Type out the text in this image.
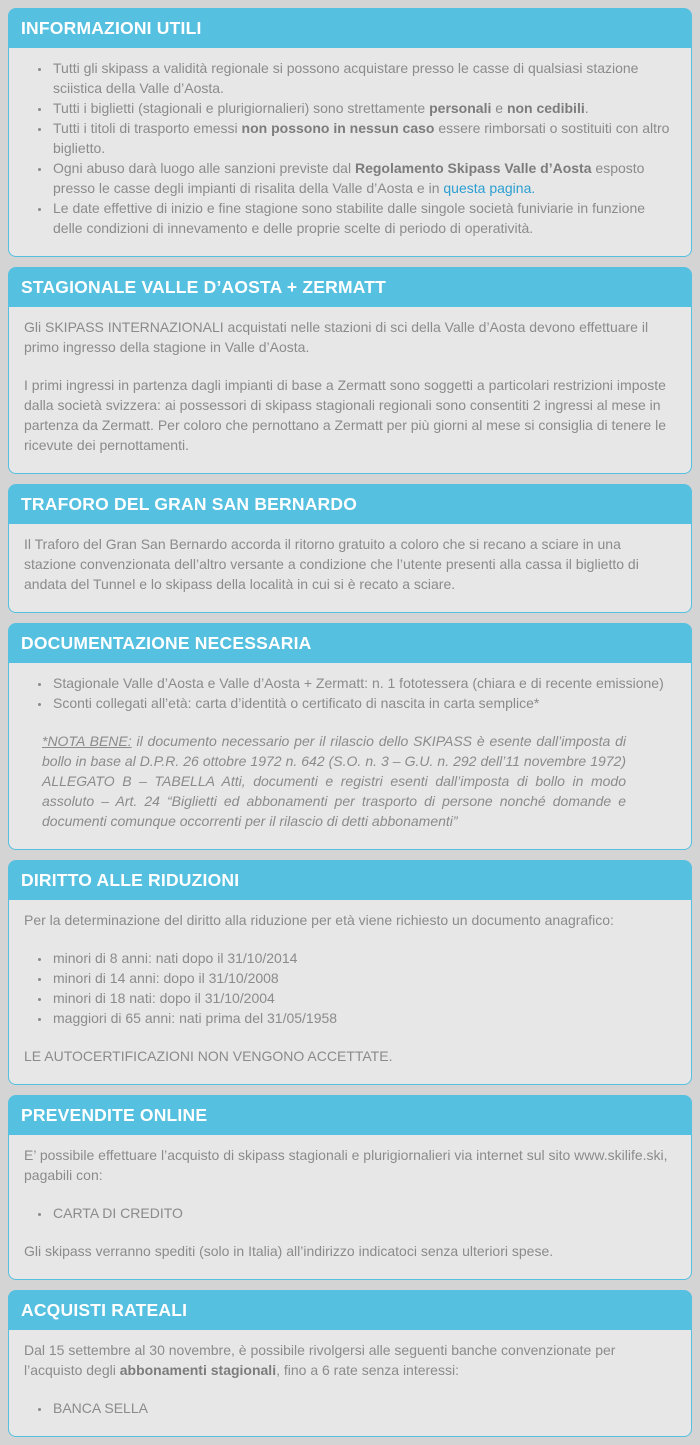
INFORMAZIONI UTILI
• Tutti gli skipass a validità regionale si possono acquistare presso le casse di qualsiasi stazione sciistica della Valle d’Aosta.
• Tutti i biglietti (stagionali e plurigiornalieri) sono strettamente personali e non cedibili.
• Tutti i titoli di trasporto emessi non possono in nessun caso essere rimborsati o sostituiti con altro biglietto.
• Ogni abuso darà luogo alle sanzioni previste dal Regolamento Skipass Valle d’Aosta esposto presso le casse degli impianti di risalita della Valle d’Aosta e in questa pagina.
• Le date effettive di inizio e fine stagione sono stabilite dalle singole società funiviarie in funzione delle condizioni di innevamento e delle proprie scelte di periodo di operatività.
STAGIONALE VALLE D’AOSTA + ZERMATT

Gli SKIPASS INTERNAZIONALI acquistati nelle stazioni di sci della Valle d’Aosta devono effettuare il primo ingresso della stagione in Valle d’Aosta.

I primi ingressi in partenza dagli impianti di base a Zermatt sono soggetti a particolari restrizioni imposte dalla società svizzera: ai possessori di skipass stagionali regionali sono consentiti 2 ingressi al mese in partenza da Zermatt. Per coloro che pernottano a Zermatt per più giorni al mese si consiglia di tenere le ricevute dei pernottamenti.

TRAFORO DEL GRAN SAN BERNARDO

Il Traforo del Gran San Bernardo accorda il ritorno gratuito a coloro che si recano a sciare in una stazione convenzionata dell’altro versante a condizione che l’utente presenti alla cassa il biglietto di andata del Tunnel e lo skipass della località in cui si è recato a sciare.

DOCUMENTAZIONE NECESSARIA
• Stagionale Valle d’Aosta e Valle d’Aosta + Zermatt: n. 1 fototessera (chiara e di recente emissione)
• Sconti collegati all’età: carta d’identità o certificato di nascita in carta semplice*

*NOTA BENE: il documento necessario per il rilascio dello SKIPASS è esente dall’imposta di bollo in base al D.P.R. 26 ottobre 1972 n. 642 (S.O. n. 3 – G.U. n. 292 dell’11 novembre 1972) ALLEGATO B – TABELLA Atti, documenti e registri esenti dall’imposta di bollo in modo assoluto – Art. 24 “Biglietti ed abbonamenti per trasporto di persone nonché domande e documenti comunque occorrenti per il rilascio di detti abbonamenti”

DIRITTO ALLE RIDUZIONI

Per la determinazione del diritto alla riduzione per età viene richiesto un documento anagrafico:

• minori di 8 anni: nati dopo il 31/10/2014
• minori di 14 anni: dopo il 31/10/2008
• minori di 18 nati: dopo il 31/10/2004
• maggiori di 65 anni: nati prima del 31/05/1958

LE AUTOCERTIFICAZIONI NON VENGONO ACCETTATE.

PREVENDITE ONLINE

E’ possibile effettuare l’acquisto di skipass stagionali e plurigiornalieri via internet sul sito www.skilife.ski, pagabili con:

• CARTA DI CREDITO

Gli skipass verranno spediti (solo in Italia) all’indirizzo indicatoci senza ulteriori spese.

ACQUISTI RATEALI

Dal 15 settembre al 30 novembre, è possibile rivolgersi alle seguenti banche convenzionate per l’acquisto degli abbonamenti stagionali, fino a 6 rate senza interessi:

• BANCA SELLA
